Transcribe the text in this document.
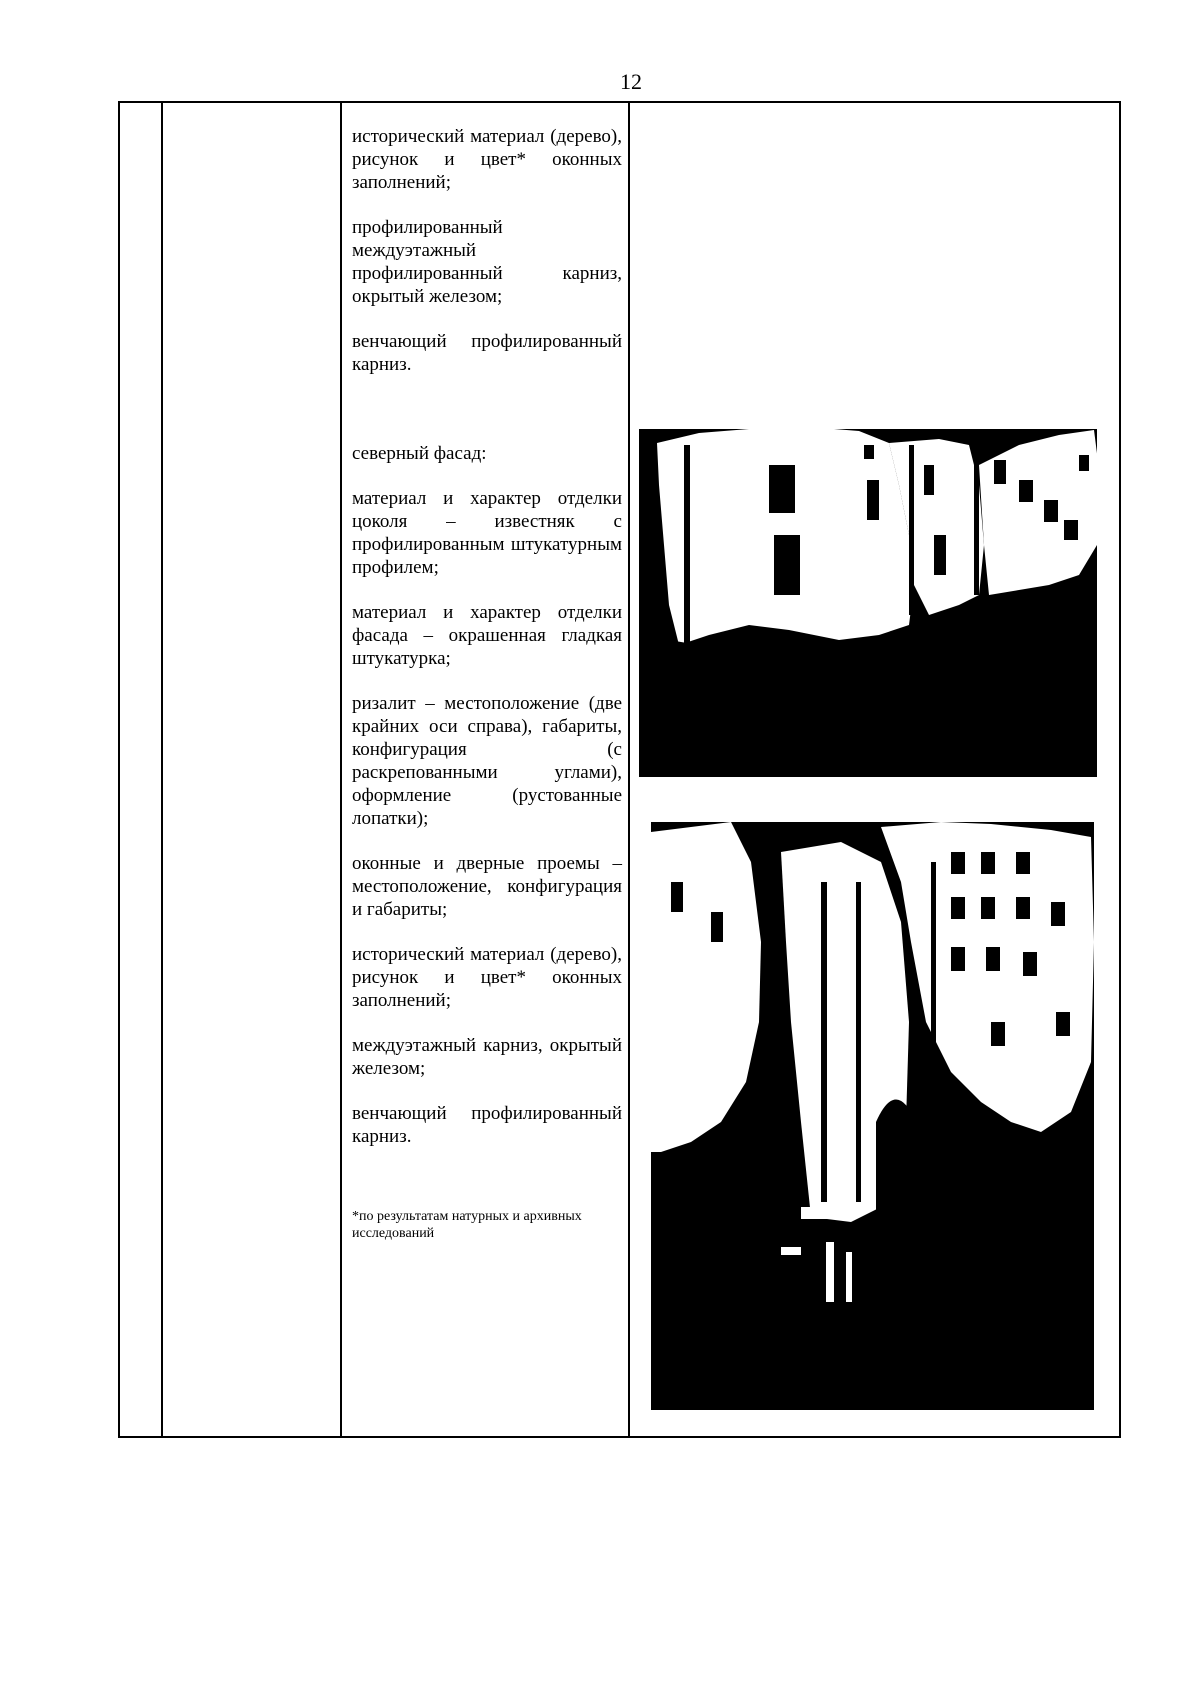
12

исторический материал (дерево), рисунок и цвет* оконных заполнений;

профилированный междуэтажный профилированный карниз, окрытый железом;

венчающий профилированный карниз.

северный фасад:

материал и характер отделки цоколя – известняк с профилированным штукатурным профилем;

материал и характер отделки фасада – окрашенная гладкая штукатурка;

ризалит – местоположение (две крайних оси справа), габариты, конфигурация (с раскрепованными углами), оформление (рустованные лопатки);

оконные и дверные проемы – местоположение, конфигурация и габариты;

исторический материал (дерево), рисунок и цвет* оконных заполнений;

междуэтажный карниз, окрытый железом;

венчающий профилированный карниз.

*по результатам натурных и архивных исследований
